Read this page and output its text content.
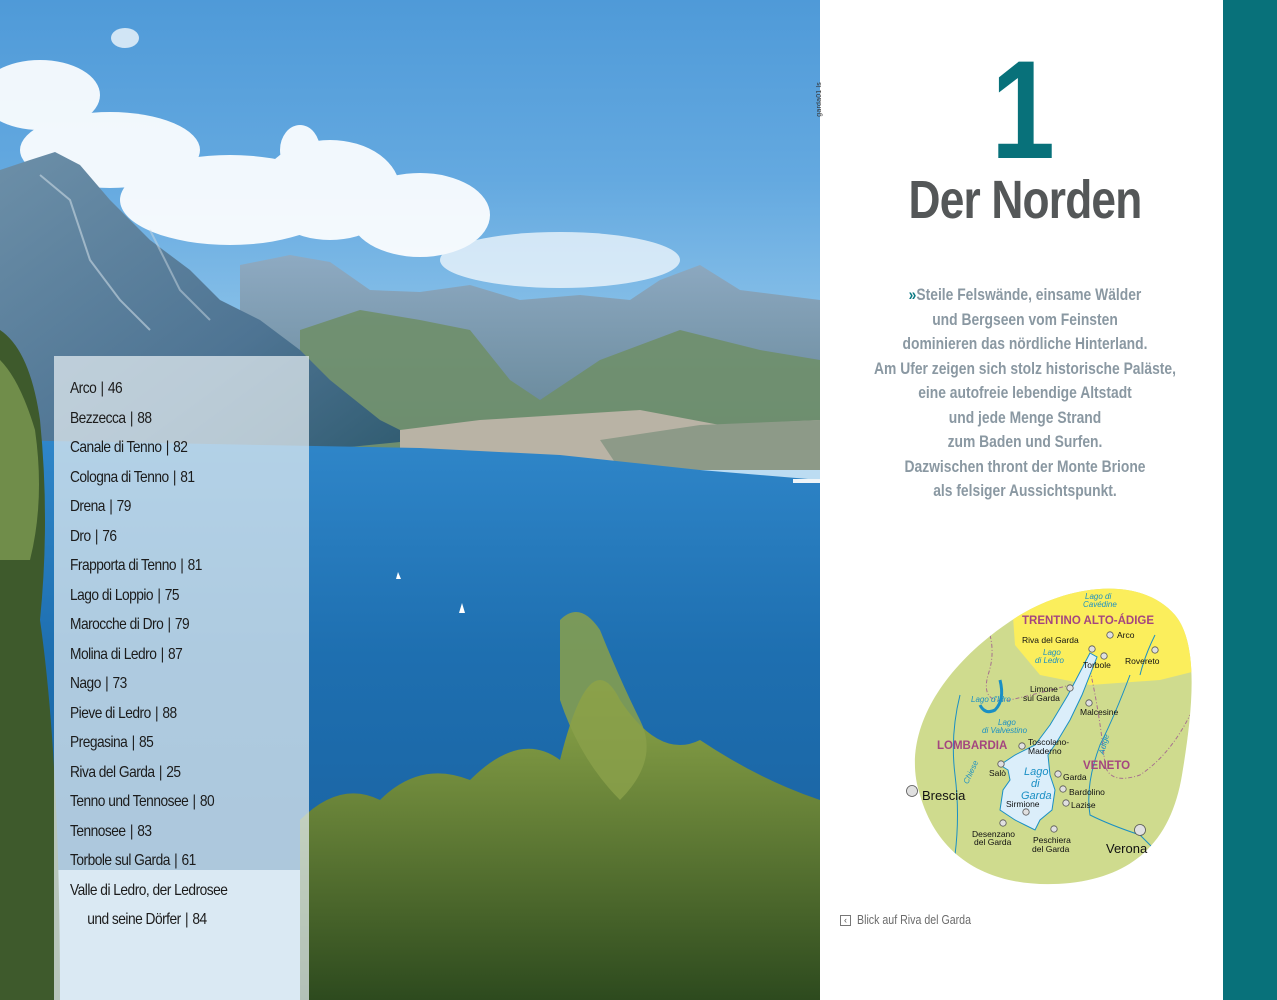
Arco | 46
Bezzecca | 88
Canale di Tenno | 82
Cologna di Tenno | 81
Drena | 79
Dro | 76
Frapporta di Tenno | 81
Lago di Loppio | 75
Marocche di Dro | 79
Molina di Ledro | 87
Nago | 73
Pieve di Ledro | 88
Pregasina | 85
Riva del Garda | 25
Tenno und Tennosee | 80
Tennosee | 83
Torbole sul Garda | 61
Valle di Ledro, der Ledrosee
und seine Dörfer | 84
garda01 ls 1
Der Norden
» Steile Felswände, einsame Wälder
und Bergseen vom Feinsten
dominieren das nördliche Hinterland.
Am Ufer zeigen sich stolz historische Paläste,
eine autofreie lebendige Altstadt
und jede Menge Strand
zum Baden und Surfen.
Dazwischen thront der Monte Brione
als felsiger Aussichtspunkt.
TRENTINO ALTO-ÁDIGE
LOMBARDIA
VENETO
Lago di
Cavédine
Lago
di Ledro
Lago d'Idro
Lago
di Valvestino
Lago
di
Garda
Chiese
Adige
Riva del Garda	Arco
Torbole Rovereto
Limone
sul Garda
Malcesine
Toscolano-
Maderno
Salò	Garda
Bardolino
Lazise
Sirmione
Desenzano
del Garda	Peschiera
del Garda
Brescia
Verona
‹ Blick auf Riva del Garda
